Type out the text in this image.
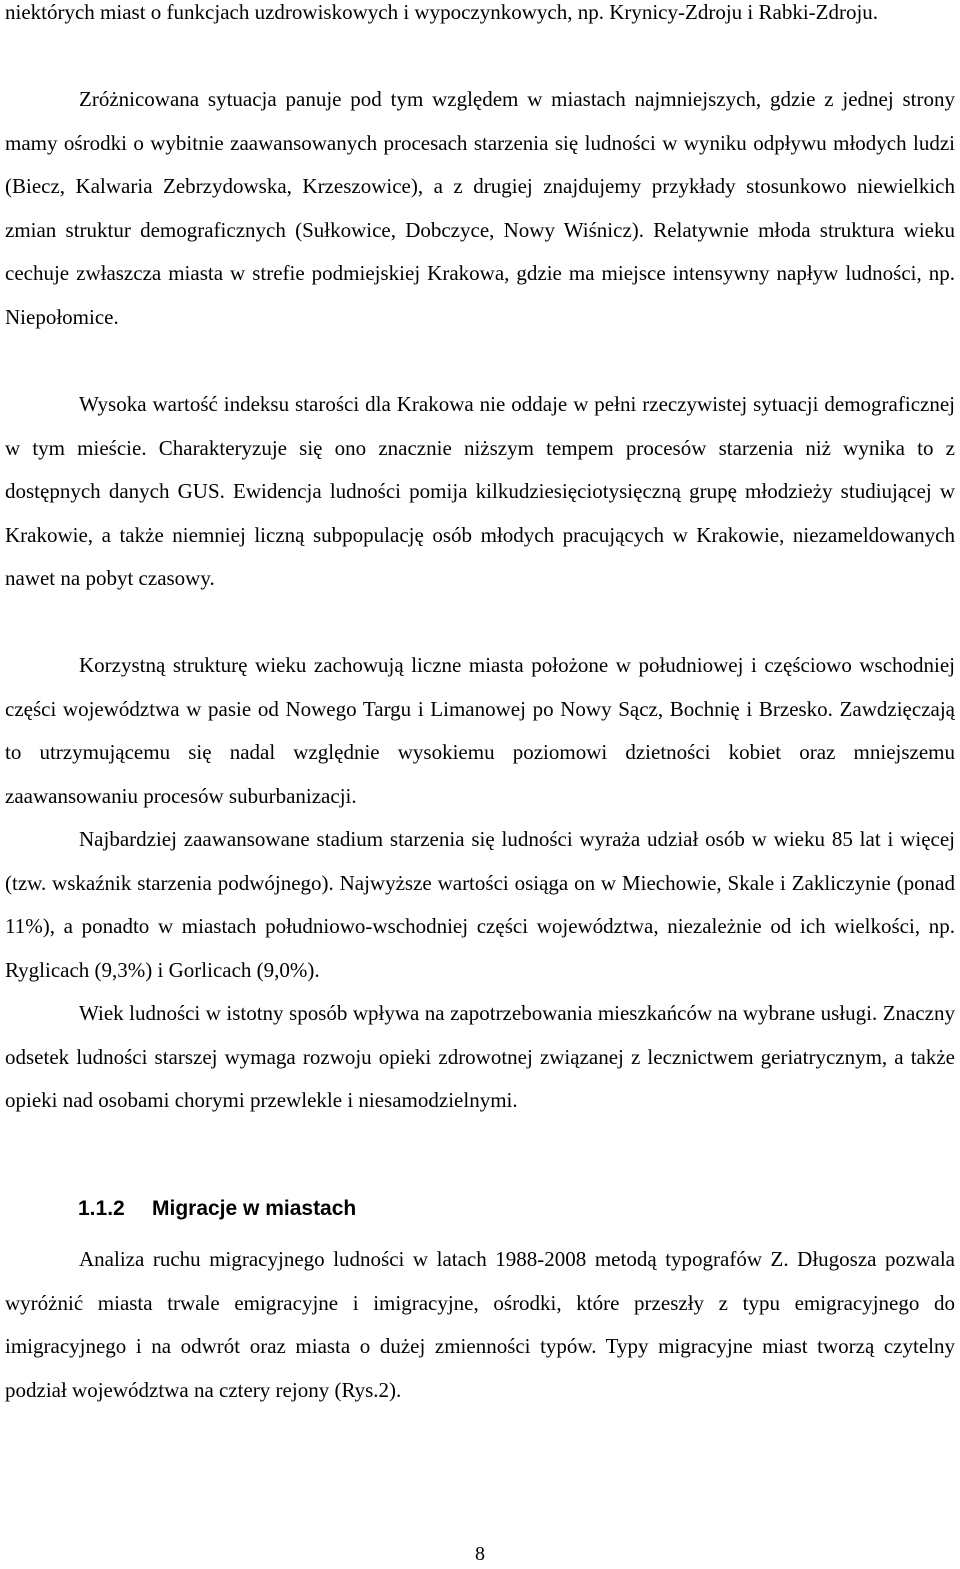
niektórych miast o funkcjach uzdrowiskowych i wypoczynkowych, np. Krynicy-Zdroju i Rabki-Zdroju.

Zróżnicowana sytuacja panuje pod tym względem w miastach najmniejszych, gdzie z jednej strony mamy ośrodki o wybitnie zaawansowanych procesach starzenia się ludności w wyniku odpływu młodych ludzi (Biecz, Kalwaria Zebrzydowska, Krzeszowice), a z drugiej znajdujemy przykłady stosunkowo niewielkich zmian struktur demograficznych (Sułkowice, Dobczyce, Nowy Wiśnicz). Relatywnie młoda struktura wieku cechuje zwłaszcza miasta w strefie podmiejskiej Krakowa, gdzie ma miejsce intensywny napływ ludności, np. Niepołomice.

Wysoka wartość indeksu starości dla Krakowa nie oddaje w pełni rzeczywistej sytuacji demograficznej w tym mieście. Charakteryzuje się ono znacznie niższym tempem procesów starzenia niż wynika to z dostępnych danych GUS. Ewidencja ludności pomija kilkudziesięciotysięczną grupę młodzieży studiującej w Krakowie, a także niemniej liczną subpopulację osób młodych pracujących w Krakowie, niezameldowanych nawet na pobyt czasowy.

Korzystną strukturę wieku zachowują liczne miasta położone w południowej i częściowo wschodniej części województwa w pasie od Nowego Targu i Limanowej po Nowy Sącz, Bochnię i Brzesko. Zawdzięczają to utrzymującemu się nadal względnie wysokiemu poziomowi dzietności kobiet oraz mniejszemu zaawansowaniu procesów suburbanizacji.

Najbardziej zaawansowane stadium starzenia się ludności wyraża udział osób w wieku 85 lat i więcej (tzw. wskaźnik starzenia podwójnego). Najwyższe wartości osiąga on w Miechowie, Skale i Zakliczynie (ponad 11%), a ponadto w miastach południowo-wschodniej części województwa, niezależnie od ich wielkości, np. Ryglicach (9,3%) i Gorlicach (9,0%).

Wiek ludności w istotny sposób wpływa na zapotrzebowania mieszkańców na wybrane usługi. Znaczny odsetek ludności starszej wymaga rozwoju opieki zdrowotnej związanej z lecznictwem geriatrycznym, a także opieki nad osobami chorymi przewlekle i niesamodzielnymi.

1.1.2 Migracje w miastach

Analiza ruchu migracyjnego ludności w latach 1988-2008 metodą typografów Z. Długosza pozwala wyróżnić miasta trwale emigracyjne i imigracyjne, ośrodki, które przeszły z typu emigracyjnego do imigracyjnego i na odwrót oraz miasta o dużej zmienności typów. Typy migracyjne miast tworzą czytelny podział województwa na cztery rejony (Rys.2).

8
